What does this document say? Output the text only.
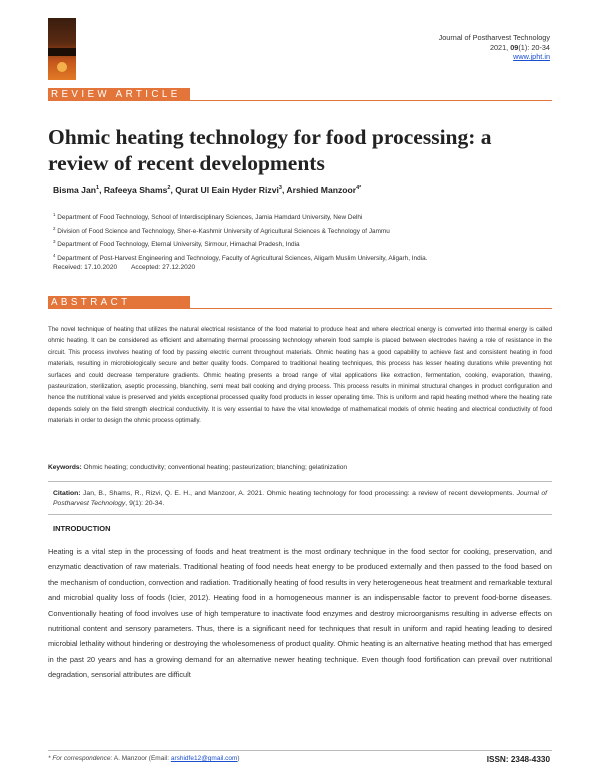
Journal of Postharvest Technology
2021, 09(1): 20-34
www.jpht.in
REVIEW ARTICLE
Ohmic heating technology for food processing: a
review of recent developments
Bisma Jan$^1$, Rafeeya Shams$^2$, Qurat Ul Eain Hyder Rizvi$^3$, Arshied Manzoor$^{4*}$
$^1$ Department of Food Technology, School of Interdisciplinary Sciences, Jamia Hamdard University, New Delhi
$^2$ Division of Food Science and Technology, Sher-e-Kashmir University of Agricultural Sciences & Technology of Jammu
$^3$ Department of Food Technology, Eternal University, Sirmour, Himachal Pradesh, India
$^4$ Department of Post-Harvest Engineering and Technology, Faculty of Agricultural Sciences, Aligarh Muslim University, Aligarh, India.
Received: 17.10.2020 Accepted: 27.12.2020
ABSTRACT
The novel technique of heating that utilizes the natural electrical resistance of the food material to produce heat and where electrical energy is converted into thermal energy is called ohmic heating. It can be considered as efficient and alternating thermal processing technology wherein food sample is placed between electrodes having a role of resistance in the circuit. This process involves heating of food by passing electric current throughout materials. Ohmic heating has a good capability to achieve fast and consistent heating in food materials, resulting in microbiologically secure and better quality foods. Compared to traditional heating techniques, this process has lesser heating durations while preventing hot surfaces and could decrease temperature gradients. Ohmic heating presents a broad range of vital applications like extraction, fermentation, cooking, evaporation, thawing, pasteurization, sterilization, aseptic processing, blanching, semi meat ball cooking and drying process. This process results in minimal structural changes in product configuration and hence the nutritional value is preserved and yields exceptional processed quality food products in lesser operating time. This is uniform and rapid heating method where the heating rate depends solely on the field strength electrical conductivity. It is very essential to have the vital knowledge of mathematical models of ohmic heating and electrical conductivity of food materials in order to design the ohmic process optimally.
Keywords: Ohmic heating; conductivity; conventional heating; pasteurization; blanching; gelatinization
Citation: Jan, B., Shams, R., Rizvi, Q. E. H., and Manzoor, A. 2021. Ohmic heating technology for food processing: a review of recent developments. Journal of Postharvest Technology, 9(1): 20-34.
INTRODUCTION
Heating is a vital step in the processing of foods and heat treatment is the most ordinary technique in the food sector for cooking, preservation, and enzymatic deactivation of raw materials. Traditional heating of food needs heat energy to be produced externally and then passed to the food based on the mechanism of conduction, convection and radiation. Traditionally heating of food results in very heterogeneous heat treatment and remarkable textural and microbial quality loss of foods (Icier, 2012). Heating food in a homogeneous manner is an indispensable factor to prevent food-borne diseases. Conventionally heating of food involves use of high temperature to inactivate food enzymes and destroy microorganisms resulting in adverse effects on nutritional content and sensory parameters. Thus, there is a significant need for techniques that result in uniform and rapid heating leading to desired microbial lethality without hindering or destroying the wholesomeness of product quality. Ohmic heating is an alternative heating method that has emerged in the past 20 years and has a growing demand for an alternative newer heating technique. Even though food fortification can prevail over nutritional degradation, sensorial attributes are difficult
* For correspondence: A. Manzoor (Email: arshidfe12@gmail.com)	ISSN: 2348-4330
